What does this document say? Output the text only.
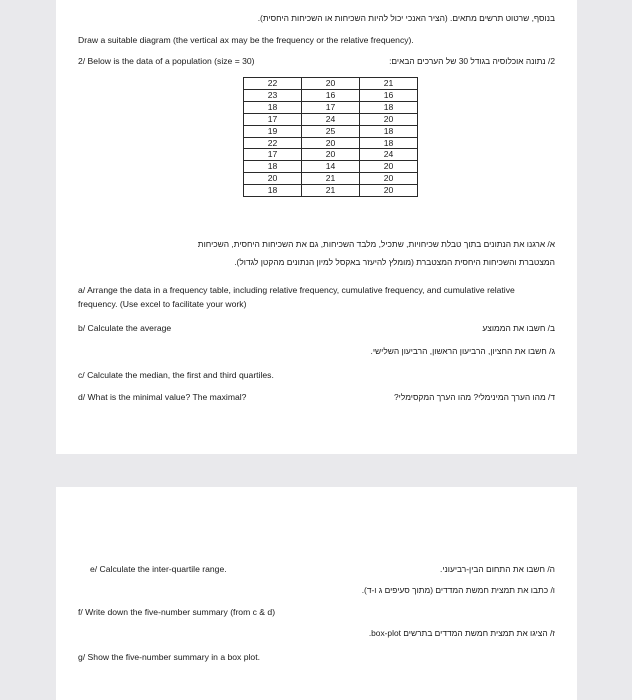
בנוסף, שרטוט תרשים מתאים. (הציר האנכי יכול להיות השכיחות או השכיחות היחסית).
Draw a suitable diagram (the vertical ax may be the frequency or the relative frequency).
2/ Below is the data of a population (size = 30)	2/ נתונה אוכלוסיה בגודל 30 של הערכים הבאים:
22	20	21
23	16	16
18	17	18
17	24	20
19	25	18
22	20	18
17	20	24
18	14	20
20	21	20
18	21	20
א/ ארגנו את הנתונים בתוך טבלת שכיחויות, שתכיל, מלבד השכיחות, גם את השכיחות היחסית, השכיחות
המצטברת והשכיחות היחסית המצטברת (מומלץ להיעזר באקסל למיון הנתונים מהקטן לגדול).
a/ Arrange the data in a frequency table, including relative frequency, cumulative frequency, and cumulative relative frequency. (Use excel to facilitate your work)
b/ Calculate the average	ב/ חשבו את הממוצע
ג/ חשבו את החציון, הרביעון הראשון, הרביעון השלישי.
c/ Calculate the median, the first and third quartiles.
d/ What is the minimal value? The maximal?	ד/ מהו הערך המינימלי? מהו הערך המקסימלי?
e/ Calculate the inter-quartile range.	ה/ חשבו את התחום הבין-רביעוני.
ו/ כתבו את תמצית חמשת המדדים (מתוך סעיפים ג ו-ד).
f/ Write down the five-number summary (from c & d)
ז/ הציגו את תמצית חמשת המדדים בתרשים box-plot.
g/ Show the five-number summary in a box plot.
